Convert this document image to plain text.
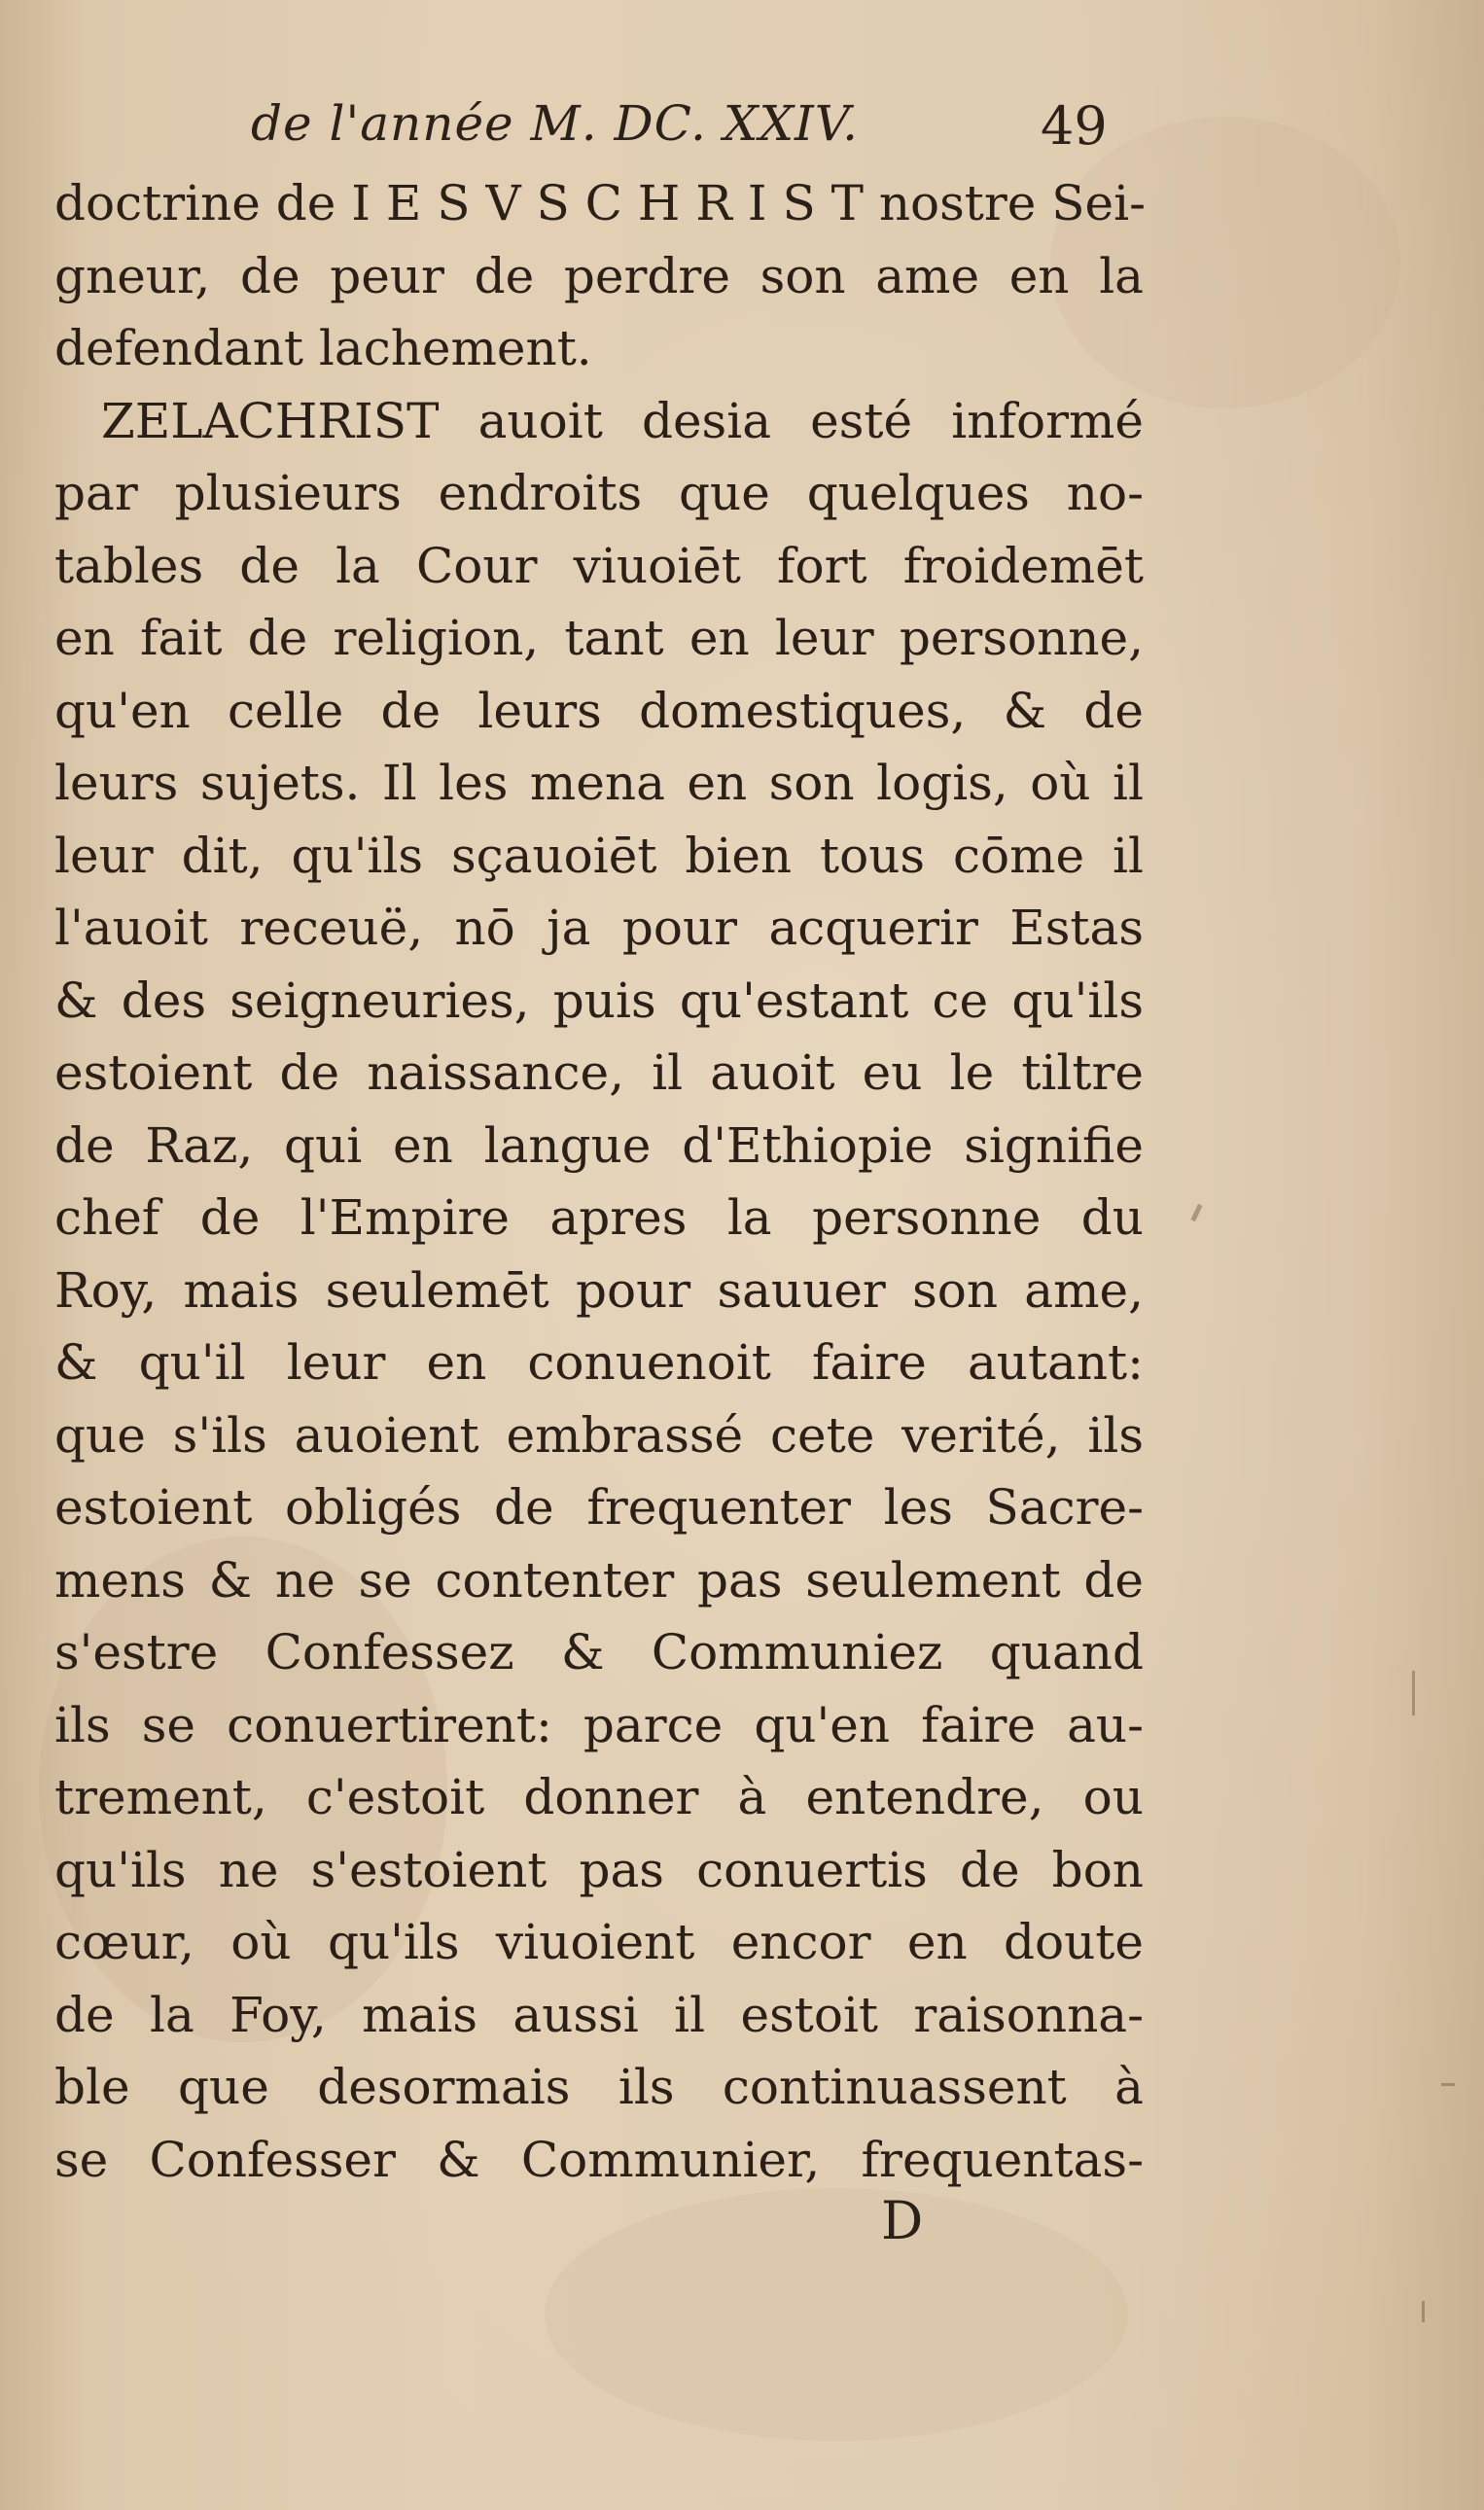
de l'année M. DC. XXIV.	49
doctrine de I E S V S C H R I S T nostre Sei-
gneur, de peur de perdre son ame en la
defendant lachement.
ZELACHRIST auoit desia esté informé
par plusieurs endroits que quelques no-
tables de la Cour viuoiēt fort froidemēt
en fait de religion, tant en leur personne,
qu'en celle de leurs domestiques, & de
leurs sujets. Il les mena en son logis, où il
leur dit, qu'ils sçauoiēt bien tous cōme il
l'auoit receuë, nō ja pour acquerir Estas
& des seigneuries, puis qu'estant ce qu'ils
estoient de naissance, il auoit eu le tiltre
de Raz, qui en langue d'Ethiopie signifie
chef de l'Empire apres la personne du
Roy, mais seulemēt pour sauuer son ame,
& qu'il leur en conuenoit faire autant:
que s'ils auoient embrassé cete verité, ils
estoient obligés de frequenter les Sacre-
mens & ne se contenter pas seulement de
s'estre Confessez & Communiez quand
ils se conuertirent: parce qu'en faire au-
trement, c'estoit donner à entendre, ou
qu'ils ne s'estoient pas conuertis de bon
cœur, où qu'ils viuoient encor en doute
de la Foy, mais aussi il estoit raisonna-
ble que desormais ils continuassent à
se Confesser & Communier, frequentas-
D
